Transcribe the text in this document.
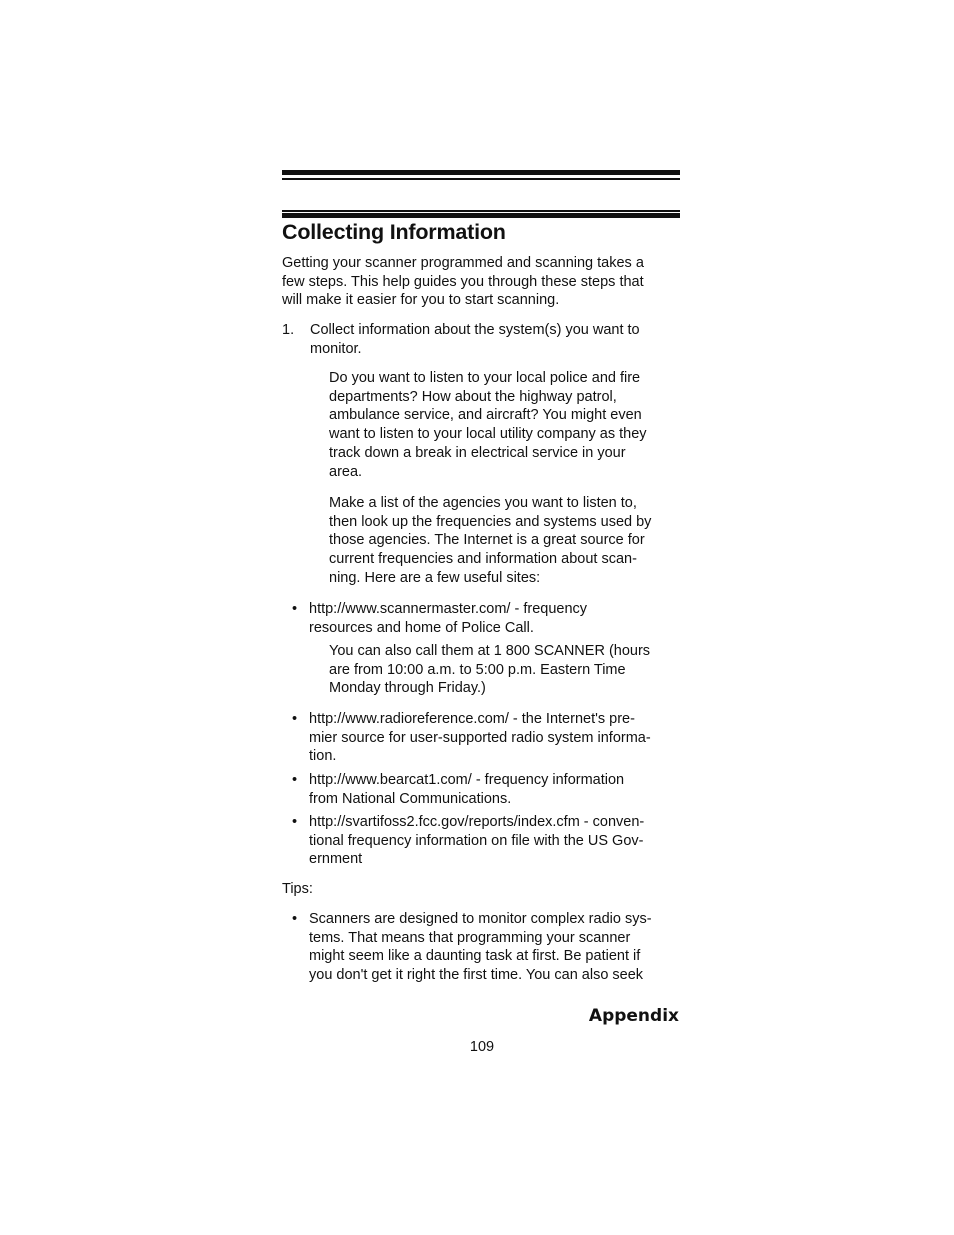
Collecting Information
Getting your scanner programmed and scanning takes a
few steps. This help guides you through these steps that
will make it easier for you to start scanning.
1. Collect information about the system(s) you want to
monitor.
Do you want to listen to your local police and fire
departments? How about the highway patrol,
ambulance service, and aircraft? You might even
want to listen to your local utility company as they
track down a break in electrical service in your
area.
Make a list of the agencies you want to listen to,
then look up the frequencies and systems used by
those agencies. The Internet is a great source for
current frequencies and information about scan-
ning. Here are a few useful sites:
• http://www.scannermaster.com/ - frequency
resources and home of Police Call.
You can also call them at 1 800 SCANNER (hours
are from 10:00 a.m. to 5:00 p.m. Eastern Time
Monday through Friday.)
• http://www.radioreference.com/ - the Internet's pre-
mier source for user-supported radio system informa-
tion.
• http://www.bearcat1.com/ - frequency information
from National Communications.
• http://svartifoss2.fcc.gov/reports/index.cfm - conven-
tional frequency information on file with the US Gov-
ernment
Tips:
• Scanners are designed to monitor complex radio sys-
tems. That means that programming your scanner
might seem like a daunting task at first. Be patient if
you don't get it right the first time. You can also seek
Appendix
109
